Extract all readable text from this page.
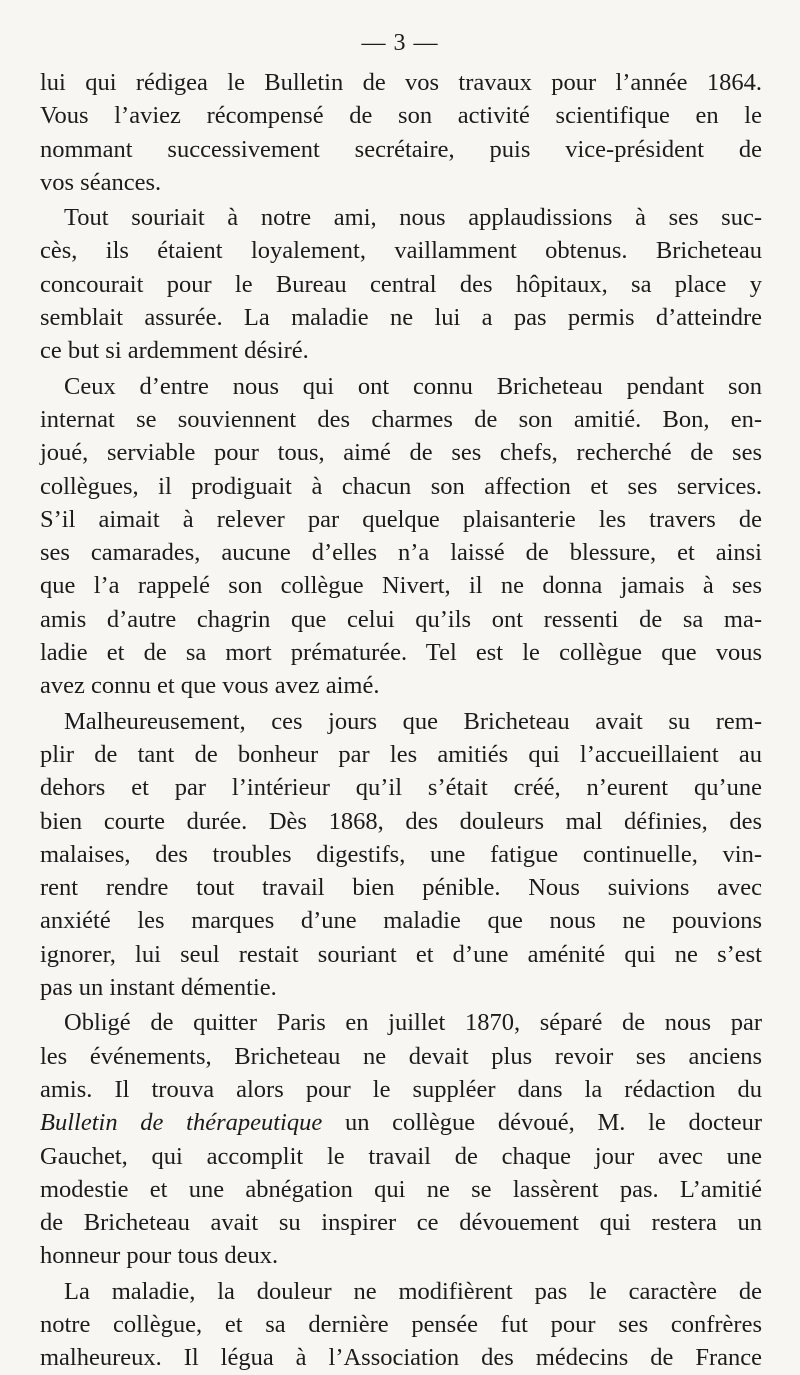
— 3 —
lui qui rédigea le Bulletin de vos travaux pour l’année 1864.
Vous l’aviez récompensé de son activité scientifique en le
nommant successivement secrétaire, puis vice-président de
vos séances.
Tout souriait à notre ami, nous applaudissions à ses suc-
cès, ils étaient loyalement, vaillamment obtenus. Bricheteau
concourait pour le Bureau central des hôpitaux, sa place y
semblait assurée. La maladie ne lui a pas permis d’atteindre
ce but si ardemment désiré.
Ceux d’entre nous qui ont connu Bricheteau pendant son
internat se souviennent des charmes de son amitié. Bon, en-
joué, serviable pour tous, aimé de ses chefs, recherché de ses
collègues, il prodiguait à chacun son affection et ses services.
S’il aimait à relever par quelque plaisanterie les travers de
ses camarades, aucune d’elles n’a laissé de blessure, et ainsi
que l’a rappelé son collègue Nivert, il ne donna jamais à ses
amis d’autre chagrin que celui qu’ils ont ressenti de sa ma-
ladie et de sa mort prématurée. Tel est le collègue que vous
avez connu et que vous avez aimé.
Malheureusement, ces jours que Bricheteau avait su rem-
plir de tant de bonheur par les amitiés qui l’accueillaient au
dehors et par l’intérieur qu’il s’était créé, n’eurent qu’une
bien courte durée. Dès 1868, des douleurs mal définies, des
malaises, des troubles digestifs, une fatigue continuelle, vin-
rent rendre tout travail bien pénible. Nous suivions avec
anxiété les marques d’une maladie que nous ne pouvions
ignorer, lui seul restait souriant et d’une aménité qui ne s’est
pas un instant démentie.
Obligé de quitter Paris en juillet 1870, séparé de nous par
les événements, Bricheteau ne devait plus revoir ses anciens
amis. Il trouva alors pour le suppléer dans la rédaction du
Bulletin de thérapeutique un collègue dévoué, M. le docteur
Gauchet, qui accomplit le travail de chaque jour avec une
modestie et une abnégation qui ne se lassèrent pas. L’amitié
de Bricheteau avait su inspirer ce dévouement qui restera un
honneur pour tous deux.
La maladie, la douleur ne modifièrent pas le caractère de
notre collègue, et sa dernière pensée fut pour ses confrères
malheureux. Il légua à l’Association des médecins de France
